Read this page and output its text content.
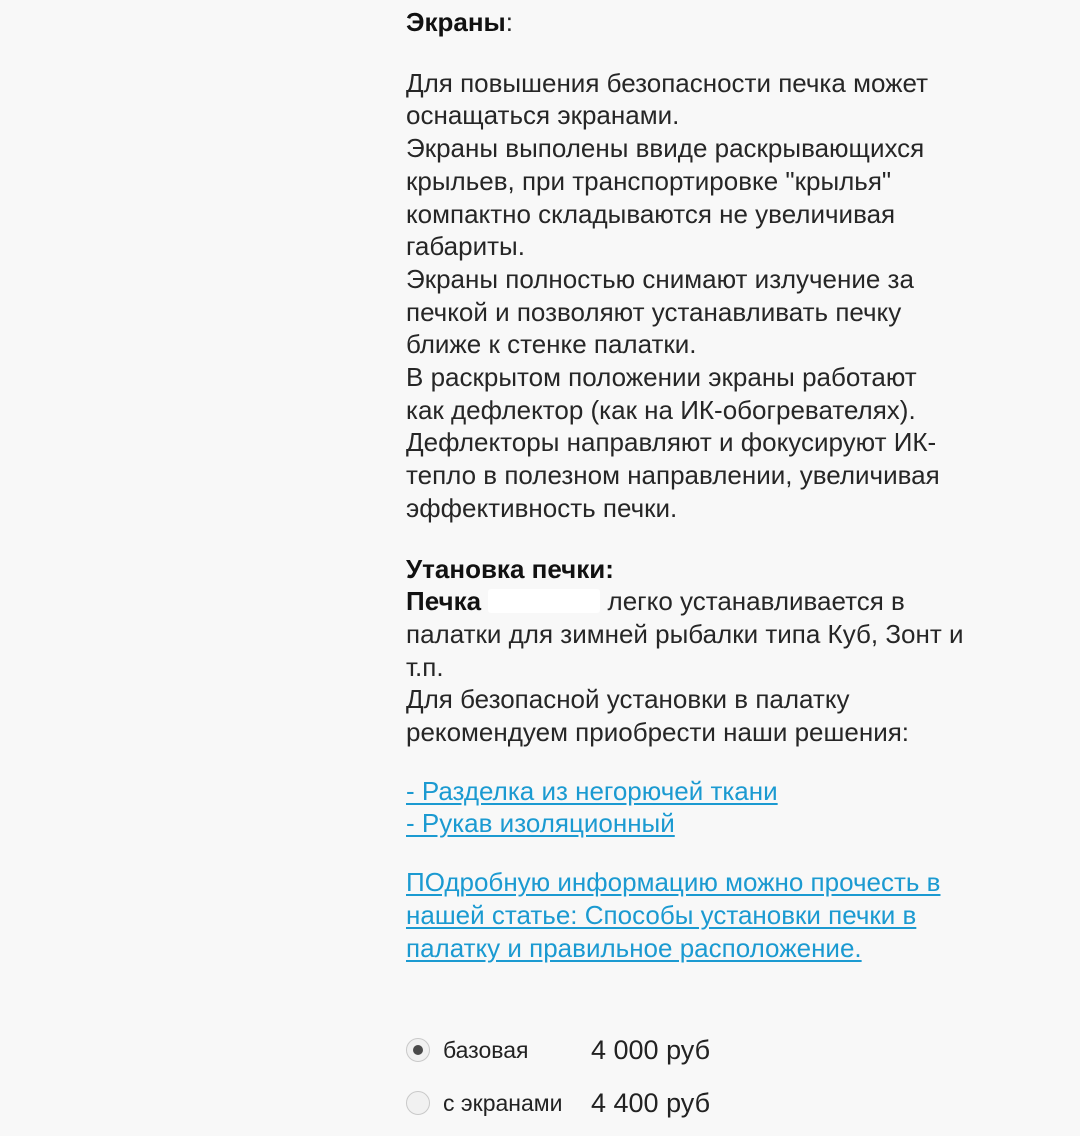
Экраны:
Для повышения безопасности печка может
оснащаться экранами.
Экраны выполены ввиде раскрывающихся
крыльев, при транспортировке "крылья"
компактно складываются не увеличивая
габариты.
Экраны полностью снимают излучение за
печкой и позволяют устанавливать печку
ближе к стенке палатки.
В раскрытом положении экраны работают
как дефлектор (как на ИК-обогревателях).
Дефлекторы направляют и фокусируют ИК-
тепло в полезном направлении, увеличивая
эффективность печки.
Утановка печки:
Печка	легко устанавливается в
палатки для зимней рыбалки типа Куб, Зонт и
т.п.
Для безопасной установки в палатку
рекомендуем приобрести наши решения:
- Разделка из негорючей ткани
- Рукав изоляционный
ПОдробную информацию можно прочесть в
нашей статье: Способы установки печки в
палатку и правильное расположение.
базовая	4 000 руб
с экранами	4 400 руб
